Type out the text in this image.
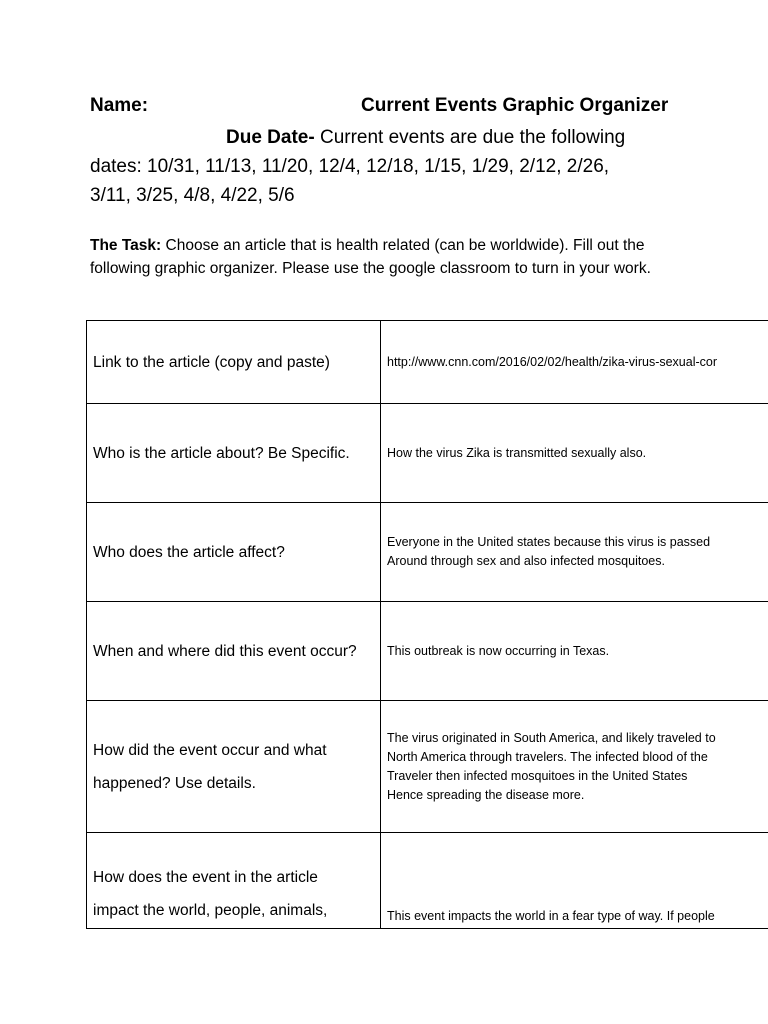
Name:	Current Events Graphic Organizer
Due Date- Current events are due the following
dates: 10/31, 11/13, 11/20, 12/4, 12/18, 1/15, 1/29, 2/12, 2/26,
3/11, 3/25, 4/8, 4/22, 5/6
The Task: Choose an article that is health related (can be worldwide). Fill out the following graphic organizer. Please use the google classroom to turn in your work.
Link to the article (copy and paste)	http://www.cnn.com/2016/02/02/health/zika-virus-sexual-cor

Who is the article about? Be Specific.	How the virus Zika is transmitted sexually also.

Who does the article affect?	Everyone in the United states because this virus is passed
Around through sex and also infected mosquitoes.

When and where did this event occur?	This outbreak is now occurring in Texas.

How did the event occur and what
happened? Use details.	The virus originated in South America, and likely traveled to
North America through travelers. The infected blood of the
Traveler then infected mosquitoes in the United States
Hence spreading the disease more.

How does the event in the article
impact the world, people, animals,	This event impacts the world in a fear type of way. If people
